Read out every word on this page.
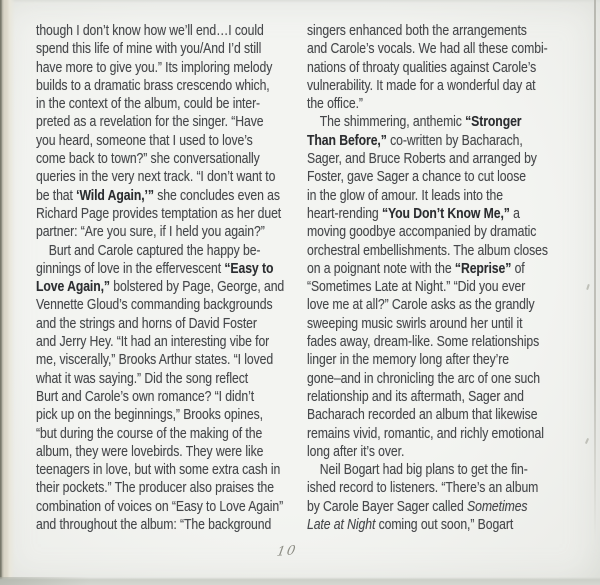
though I don’t know how we’ll end…I could
spend this life of mine with you/And I’d still
have more to give you.” Its imploring melody
builds to a dramatic brass crescendo which,
in the context of the album, could be inter-
preted as a revelation for the singer. “Have
you heard, someone that I used to love’s
come back to town?” she conversationally
queries in the very next track. “I don’t want to
be that ‘Wild Again,’” she concludes even as
Richard Page provides temptation as her duet
partner: “Are you sure, if I held you again?”
Burt and Carole captured the happy be-
ginnings of love in the effervescent “Easy to
Love Again,” bolstered by Page, George, and
Vennette Gloud’s commanding backgrounds
and the strings and horns of David Foster
and Jerry Hey. “It had an interesting vibe for
me, viscerally,” Brooks Arthur states. “I loved
what it was saying.” Did the song reflect
Burt and Carole’s own romance? “I didn’t
pick up on the beginnings,” Brooks opines,
“but during the course of the making of the
album, they were lovebirds. They were like
teenagers in love, but with some extra cash in
their pockets.” The producer also praises the
combination of voices on “Easy to Love Again”
and throughout the album: “The background
singers enhanced both the arrangements
and Carole’s vocals. We had all these combi-
nations of throaty qualities against Carole’s
vulnerability. It made for a wonderful day at
the office.”
The shimmering, anthemic “Stronger
Than Before,” co-written by Bacharach,
Sager, and Bruce Roberts and arranged by
Foster, gave Sager a chance to cut loose
in the glow of amour. It leads into the
heart-rending “You Don’t Know Me,” a
moving goodbye accompanied by dramatic
orchestral embellishments. The album closes
on a poignant note with the “Reprise” of
“Sometimes Late at Night.” “Did you ever
love me at all?” Carole asks as the grandly
sweeping music swirls around her until it
fades away, dream-like. Some relationships
linger in the memory long after they’re
gone–and in chronicling the arc of one such
relationship and its aftermath, Sager and
Bacharach recorded an album that likewise
remains vivid, romantic, and richly emotional
long after it’s over.
Neil Bogart had big plans to get the fin-
ished record to listeners. “There’s an album
by Carole Bayer Sager called Sometimes
Late at Night coming out soon,” Bogart
10
